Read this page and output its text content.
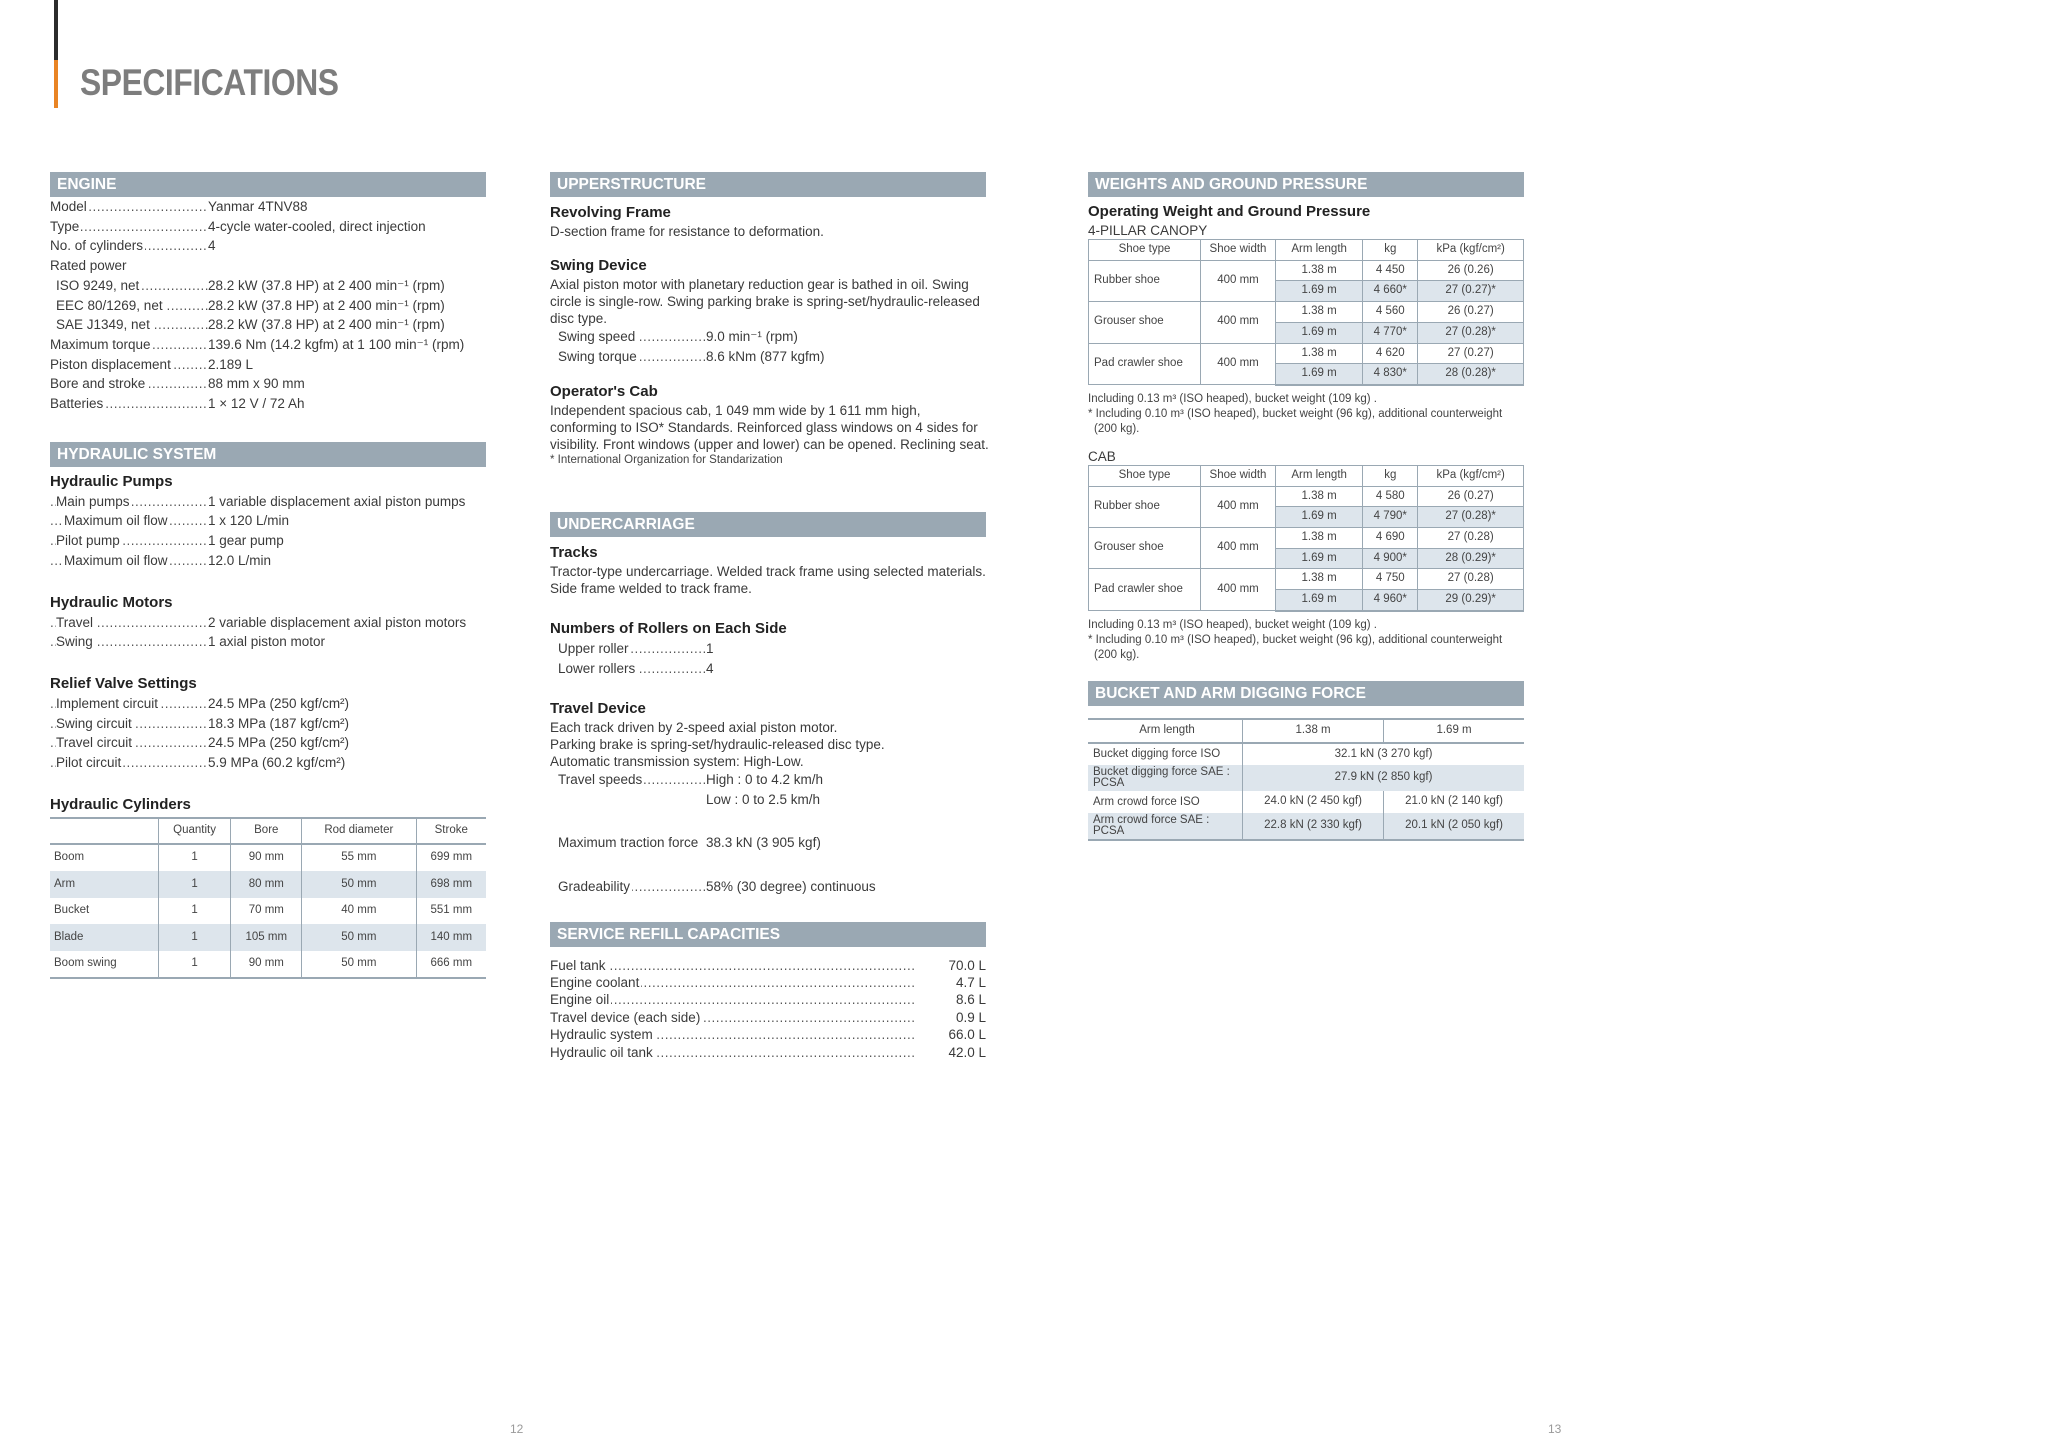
SPECIFICATIONS
ENGINE
Model .....	Yanmar 4TNV88
Type .....	4-cycle water-cooled, direct injection
No. of cylinders .....	4
Rated power
ISO 9249, net .....	28.2 kW (37.8 HP) at 2 400 min⁻¹ (rpm)
EEC 80/1269, net .....	28.2 kW (37.8 HP) at 2 400 min⁻¹ (rpm)
SAE J1349, net .....	28.2 kW (37.8 HP) at 2 400 min⁻¹ (rpm)
Maximum torque .....	139.6 Nm (14.2 kgfm) at 1 100 min⁻¹ (rpm)
Piston displacement .....	2.189 L
Bore and stroke .....	88 mm x 90 mm
Batteries .....	1 × 12 V / 72 Ah
HYDRAULIC SYSTEM
Hydraulic Pumps
Main pumps .....	1 variable displacement axial piston pumps
Maximum oil flow .....	1 x 120 L/min
Pilot pump .....	1 gear pump
Maximum oil flow .....	12.0 L/min
Hydraulic Motors
Travel .....	2 variable displacement axial piston motors
Swing .....	1 axial piston motor
Relief Valve Settings
Implement circuit .....	24.5 MPa (250 kgf/cm²)
Swing circuit .....	18.3 MPa (187 kgf/cm²)
Travel circuit .....	24.5 MPa (250 kgf/cm²)
Pilot circuit .....	5.9 MPa (60.2 kgf/cm²)
Hydraulic Cylinders
	Quantity	Bore	Rod diameter	Stroke
Boom	1	90 mm	55 mm	699 mm
Arm	1	80 mm	50 mm	698 mm
Bucket	1	70 mm	40 mm	551 mm
Blade	1	105 mm	50 mm	140 mm
Boom swing	1	90 mm	50 mm	666 mm
UPPERSTRUCTURE
Revolving Frame
D-section frame for resistance to deformation.
Swing Device
Axial piston motor with planetary reduction gear is bathed in oil. Swing
circle is single-row. Swing parking brake is spring-set/hydraulic-released
disc type.
Swing speed .....	9.0 min⁻¹ (rpm)
Swing torque .....	8.6 kNm (877 kgfm)
Operator's Cab
Independent spacious cab, 1 049 mm wide by 1 611 mm high,
conforming to ISO* Standards. Reinforced glass windows on 4 sides for
visibility. Front windows (upper and lower) can be opened. Reclining seat.
* International Organization for Standarization
UNDERCARRIAGE
Tracks
Tractor-type undercarriage. Welded track frame using selected materials.
Side frame welded to track frame.
Numbers of Rollers on Each Side
Upper roller .....	1
Lower rollers .....	4
Travel Device
Each track driven by 2-speed axial piston motor.
Parking brake is spring-set/hydraulic-released disc type.
Automatic transmission system: High-Low.
Travel speeds .....	High : 0 to 4.2 km/h
Low : 0 to 2.5 km/h
Maximum traction force 38.3 kN (3 905 kgf)
Gradeability .....	58% (30 degree) continuous
SERVICE REFILL CAPACITIES
Fuel tank .....	70.0 L
Engine coolant .....	4.7 L
Engine oil .....	8.6 L
Travel device (each side) .....	0.9 L
Hydraulic system .....	66.0 L
Hydraulic oil tank .....	42.0 L
WEIGHTS AND GROUND PRESSURE
Operating Weight and Ground Pressure
4-PILLAR CANOPY
Shoe type	Shoe width	Arm length	kg	kPa (kgf/cm²)
Rubber shoe	400 mm	1.38 m	4 450	26 (0.26)
		1.69 m	4 660*	27 (0.27)*
Grouser shoe	400 mm	1.38 m	4 560	26 (0.27)
		1.69 m	4 770*	27 (0.28)*
Pad crawler shoe	400 mm	1.38 m	4 620	27 (0.27)
		1.69 m	4 830*	28 (0.28)*
Including 0.13 m³ (ISO heaped), bucket weight (109 kg) .
* Including 0.10 m³ (ISO heaped), bucket weight (96 kg), additional counterweight
(200 kg).
CAB
Shoe type	Shoe width	Arm length	kg	kPa (kgf/cm²)
Rubber shoe	400 mm	1.38 m	4 580	26 (0.27)
		1.69 m	4 790*	27 (0.28)*
Grouser shoe	400 mm	1.38 m	4 690	27 (0.28)
		1.69 m	4 900*	28 (0.29)*
Pad crawler shoe	400 mm	1.38 m	4 750	27 (0.28)
		1.69 m	4 960*	29 (0.29)*
Including 0.13 m³ (ISO heaped), bucket weight (109 kg) .
* Including 0.10 m³ (ISO heaped), bucket weight (96 kg), additional counterweight
(200 kg).
BUCKET AND ARM DIGGING FORCE
Arm length	1.38 m	1.69 m
Bucket digging force ISO	32.1 kN (3 270 kgf)	
Bucket digging force SAE : PCSA	27.9 kN (2 850 kgf)	
Arm crowd force ISO	24.0 kN (2 450 kgf)	21.0 kN (2 140 kgf)
Arm crowd force SAE : PCSA	22.8 kN (2 330 kgf)	20.1 kN (2 050 kgf)
12	13
